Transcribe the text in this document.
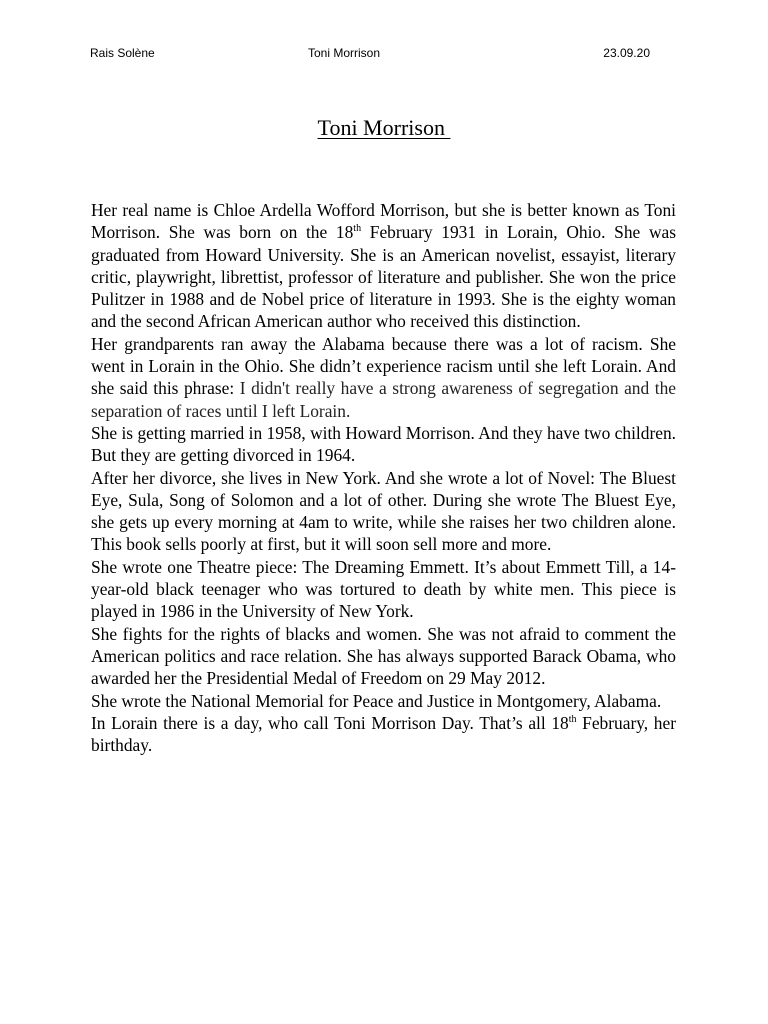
Rais Solène	Toni Morrison	23.09.20
Toni Morrison

Her real name is Chloe Ardella Wofford Morrison, but she is better known as Toni Morrison. She was born on the 18th February 1931 in Lorain, Ohio. She was graduated from Howard University. She is an American novelist, essayist, literary critic, playwright, librettist, professor of literature and publisher. She won the price Pulitzer in 1988 and de Nobel price of literature in 1993. She is the eighty woman and the second African American author who received this distinction.

Her grandparents ran away the Alabama because there was a lot of racism. She went in Lorain in the Ohio. She didn’t experience racism until she left Lorain. And she said this phrase: I didn't really have a strong awareness of segregation and the separation of races until I left Lorain.

She is getting married in 1958, with Howard Morrison. And they have two children. But they are getting divorced in 1964.

After her divorce, she lives in New York. And she wrote a lot of Novel: The Bluest Eye, Sula, Song of Solomon and a lot of other. During she wrote The Bluest Eye, she gets up every morning at 4am to write, while she raises her two children alone. This book sells poorly at first, but it will soon sell more and more.

She wrote one Theatre piece: The Dreaming Emmett. It’s about Emmett Till, a 14-year-old black teenager who was tortured to death by white men. This piece is played in 1986 in the University of New York.

She fights for the rights of blacks and women. She was not afraid to comment the American politics and race relation. She has always supported Barack Obama, who awarded her the Presidential Medal of Freedom on 29 May 2012.

She wrote the National Memorial for Peace and Justice in Montgomery, Alabama.

In Lorain there is a day, who call Toni Morrison Day. That’s all 18th February, her birthday.
